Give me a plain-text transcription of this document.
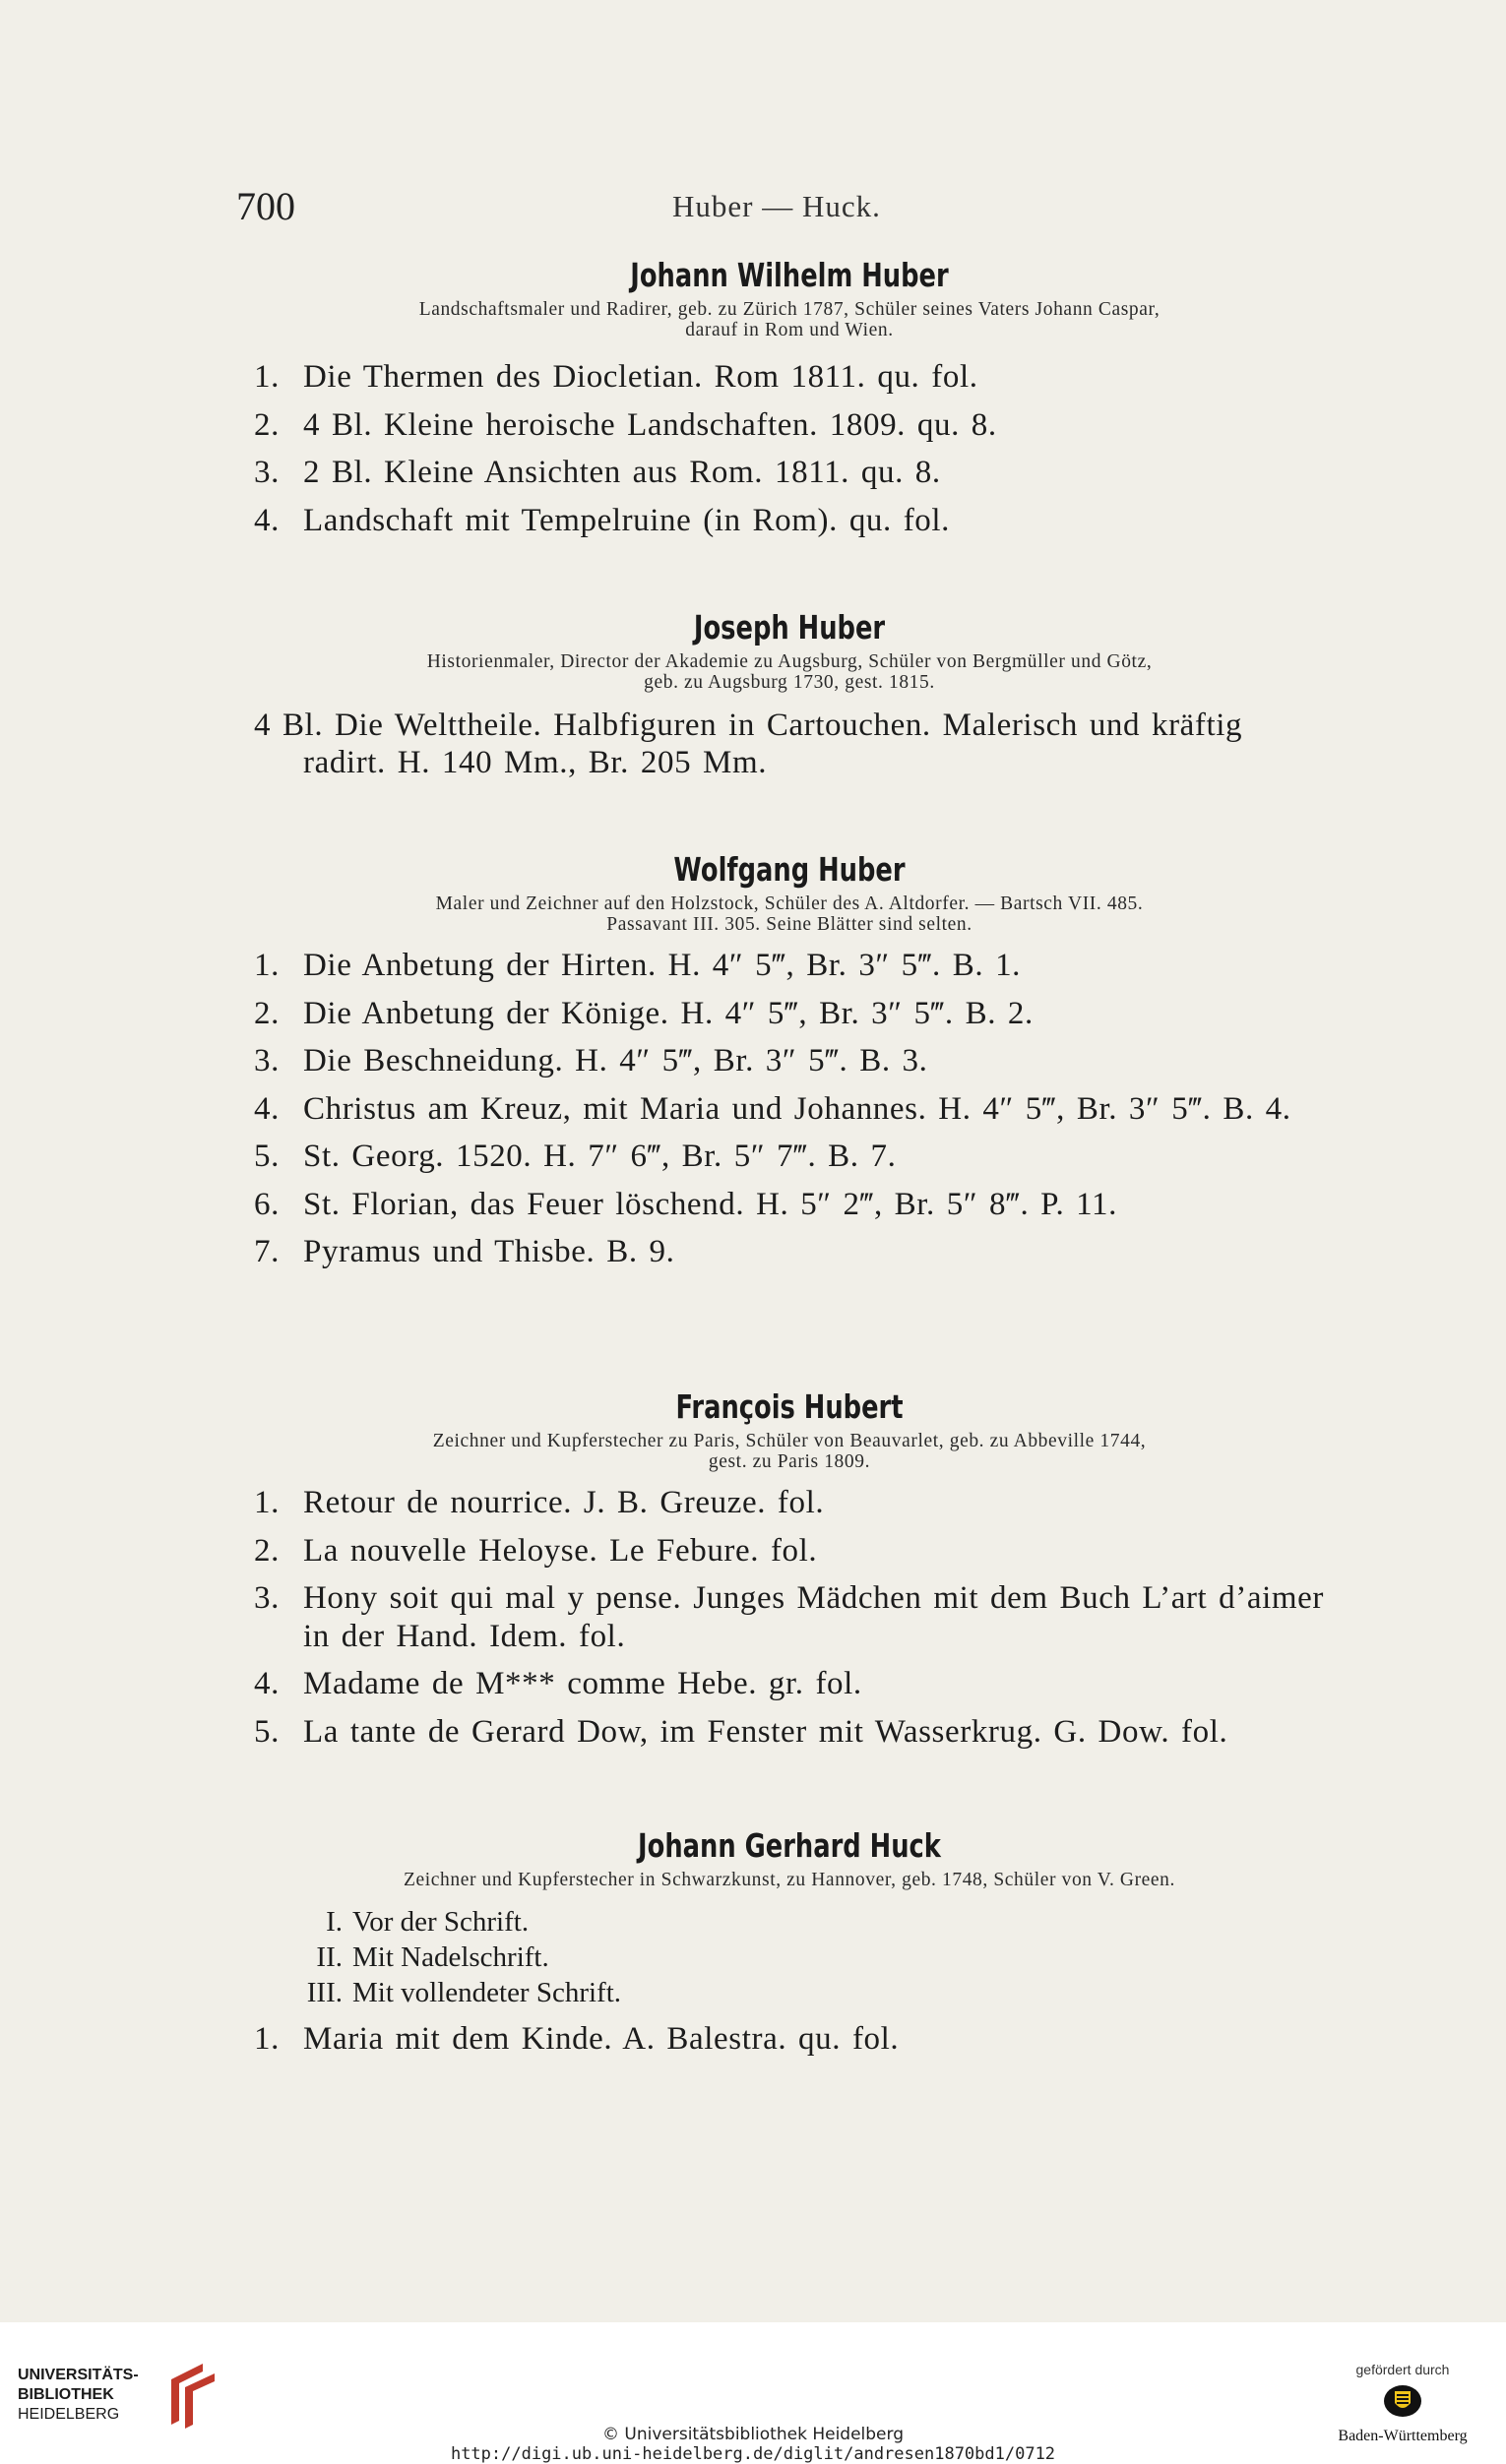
700	Huber — Huck.
Johann Wilhelm Huber
Landschaftsmaler und Radirer, geb. zu Zürich 1787, Schüler seines Vaters Johann Caspar,
darauf in Rom und Wien.
1. Die Thermen des Diocletian. Rom 1811. qu. fol.
2. 4 Bl. Kleine heroische Landschaften. 1809. qu. 8.
3. 2 Bl. Kleine Ansichten aus Rom. 1811. qu. 8.
4. Landschaft mit Tempelruine (in Rom). qu. fol.
Joseph Huber
Historienmaler, Director der Akademie zu Augsburg, Schüler von Bergmüller und Götz,
geb. zu Augsburg 1730, gest. 1815.

4 Bl. Die Welttheile. Halbfiguren in Cartouchen. Malerisch und kräftig radirt. H. 140 Mm., Br. 205 Mm.

Wolfgang Huber
Maler und Zeichner auf den Holzstock, Schüler des A. Altdorfer. — Bartsch VII. 485.
Passavant III. 305. Seine Blätter sind selten.
1. Die Anbetung der Hirten. H. 4″ 5‴, Br. 3″ 5‴. B. 1.
2. Die Anbetung der Könige. H. 4″ 5‴, Br. 3″ 5‴. B. 2.
3. Die Beschneidung. H. 4″ 5‴, Br. 3″ 5‴. B. 3.
4. Christus am Kreuz, mit Maria und Johannes. H. 4″ 5‴, Br. 3″ 5‴. B. 4.
5. St. Georg. 1520. H. 7″ 6‴, Br. 5″ 7‴. B. 7.
6. St. Florian, das Feuer löschend. H. 5″ 2‴, Br. 5″ 8‴. P. 11.
7. Pyramus und Thisbe. B. 9.
François Hubert
Zeichner und Kupferstecher zu Paris, Schüler von Beauvarlet, geb. zu Abbeville 1744,
gest. zu Paris 1809.
1. Retour de nourrice. J. B. Greuze. fol.
2. La nouvelle Heloyse. Le Febure. fol.
3. Hony soit qui mal y pense. Junges Mädchen mit dem Buch L’art d’aimer in der Hand. Idem. fol.
4. Madame de M*** comme Hebe. gr. fol.
5. La tante de Gerard Dow, im Fenster mit Wasserkrug. G. Dow. fol.
Johann Gerhard Huck
Zeichner und Kupferstecher in Schwarzkunst, zu Hannover, geb. 1748, Schüler von V. Green.

I. Vor der Schrift.

II. Mit Nadelschrift.

III. Mit vollendeter Schrift.

1. Maria mit dem Kinde. A. Balestra. qu. fol.
UNIVERSITÄTS-
BIBLIOTHEK
HEIDELBERG
© Universitätsbibliothek Heidelberg
http://digi.ub.uni-heidelberg.de/diglit/andresen1870bd1/0712
gefördert durch
Baden-Württemberg
